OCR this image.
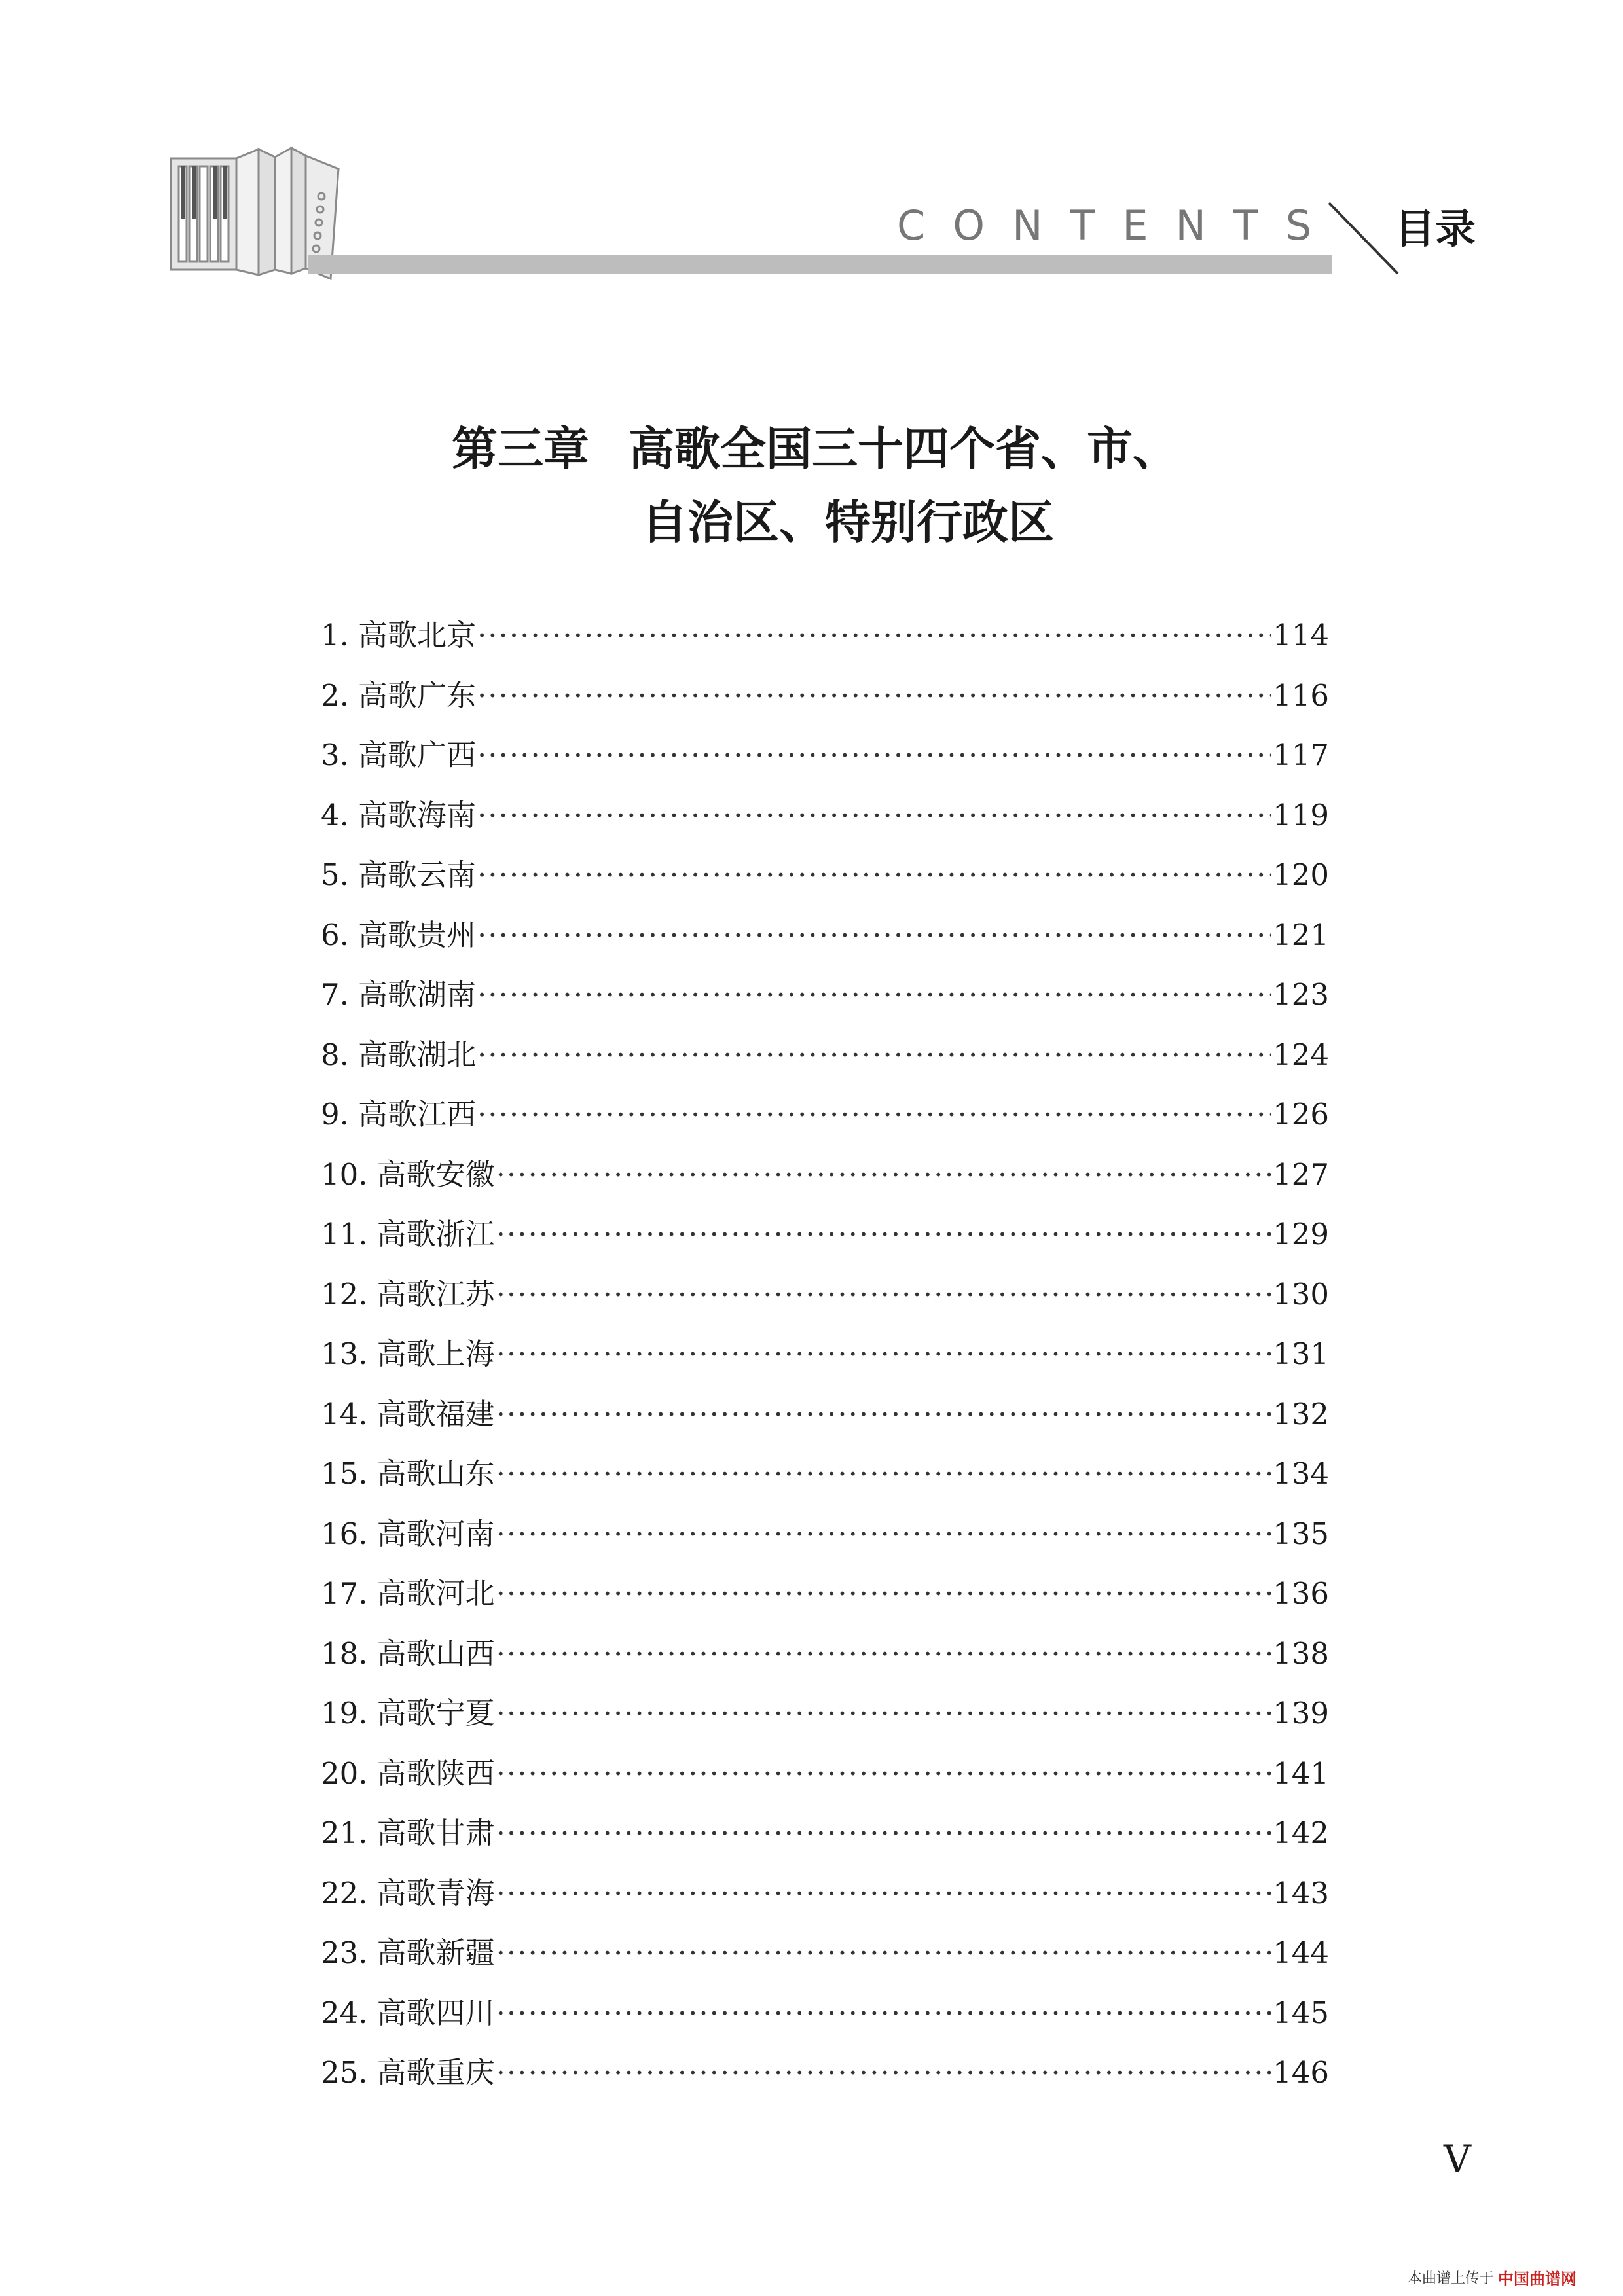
CONTENTS 目录
第三章 高歌全国三十四个省、市、
自治区、特别行政区
1. 高歌北京 ·····	114
2. 高歌广东 ·····	116
3. 高歌广西 ·····	117
4. 高歌海南 ·····	119
5. 高歌云南 ·····	120
6. 高歌贵州 ·····	121
7. 高歌湖南 ·····	123
8. 高歌湖北 ·····	124
9. 高歌江西 ·····	126
10. 高歌安徽 ·····	127
11. 高歌浙江 ·····	129
12. 高歌江苏 ·····	130
13. 高歌上海 ·····	131
14. 高歌福建 ·····	132
15. 高歌山东 ·····	134
16. 高歌河南 ·····	135
17. 高歌河北 ·····	136
18. 高歌山西 ·····	138
19. 高歌宁夏 ·····	139
20. 高歌陕西 ·····	141
21. 高歌甘肃 ·····	142
22. 高歌青海 ·····	143
23. 高歌新疆 ·····	144
24. 高歌四川 ·····	145
25. 高歌重庆 ·····	146
V
本曲谱上传于 中国曲谱网
